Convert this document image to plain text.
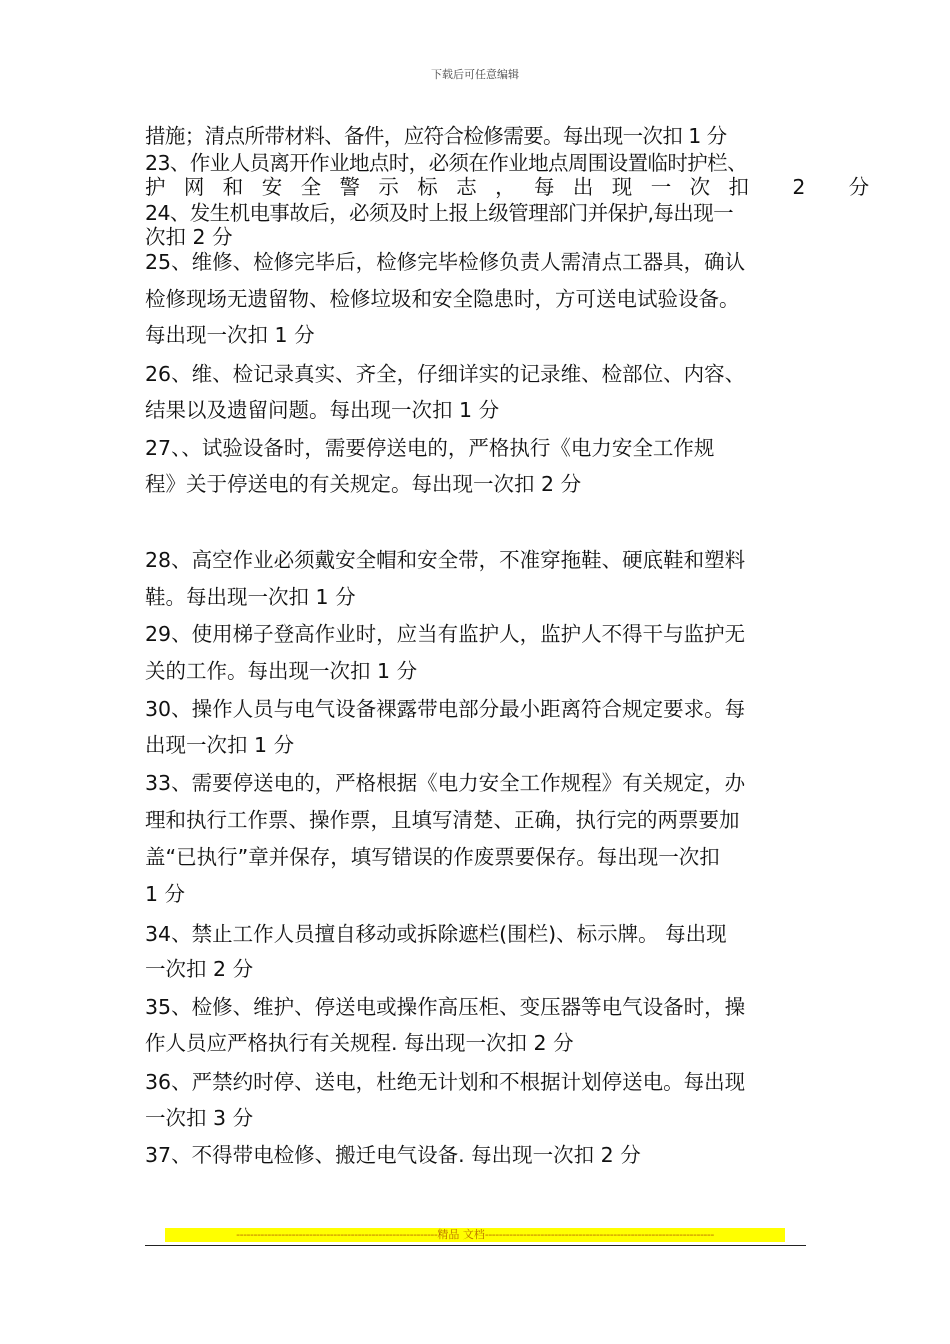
下载后可任意编辑
措施；清点所带材料、备件，应符合检修需要。每出现一次扣 1 分
23、作业人员离开作业地点时，必须在作业地点周围设置临时护栏、
护网和安全警示标志，每出现一次扣 2 分
24、发生机电事故后，必须及时上报上级管理部门并保护,每出现一
次扣 2 分
25、维修、检修完毕后，检修完毕检修负责人需清点工器具，确认
检修现场无遗留物、检修垃圾和安全隐患时，方可送电试验设备。
每出现一次扣 1 分
26、维、检记录真实、齐全，仔细详实的记录维、检部位、内容、
结果以及遗留问题。每出现一次扣 1 分
27、、试验设备时，需要停送电的，严格执行《电力安全工作规
程》关于停送电的有关规定。每出现一次扣 2 分
28、高空作业必须戴安全帽和安全带，不准穿拖鞋、硬底鞋和塑料
鞋。每出现一次扣 1 分
29、使用梯子登高作业时，应当有监护人，监护人不得干与监护无
关的工作。每出现一次扣 1 分
30、操作人员与电气设备裸露带电部分最小距离符合规定要求。每
出现一次扣 1 分
33、需要停送电的，严格根据《电力安全工作规程》有关规定，办
理和执行工作票、操作票，且填写清楚、正确，执行完的两票要加
盖“已执行”章并保存，填写错误的作废票要保存。每出现一次扣
1 分
34、禁止工作人员擅自移动或拆除遮栏(围栏)、标示牌。 每出现
一次扣 2 分
35、检修、维护、停送电或操作高压柜、变压器等电气设备时，操
作人员应严格执行有关规程. 每出现一次扣 2 分
36、严禁约时停、送电，杜绝无计划和不根据计划停送电。每出现
一次扣 3 分
37、不得带电检修、搬迁电气设备. 每出现一次扣 2 分
----------------------------------------------------------精品 文档------------------------------------------------------------------
